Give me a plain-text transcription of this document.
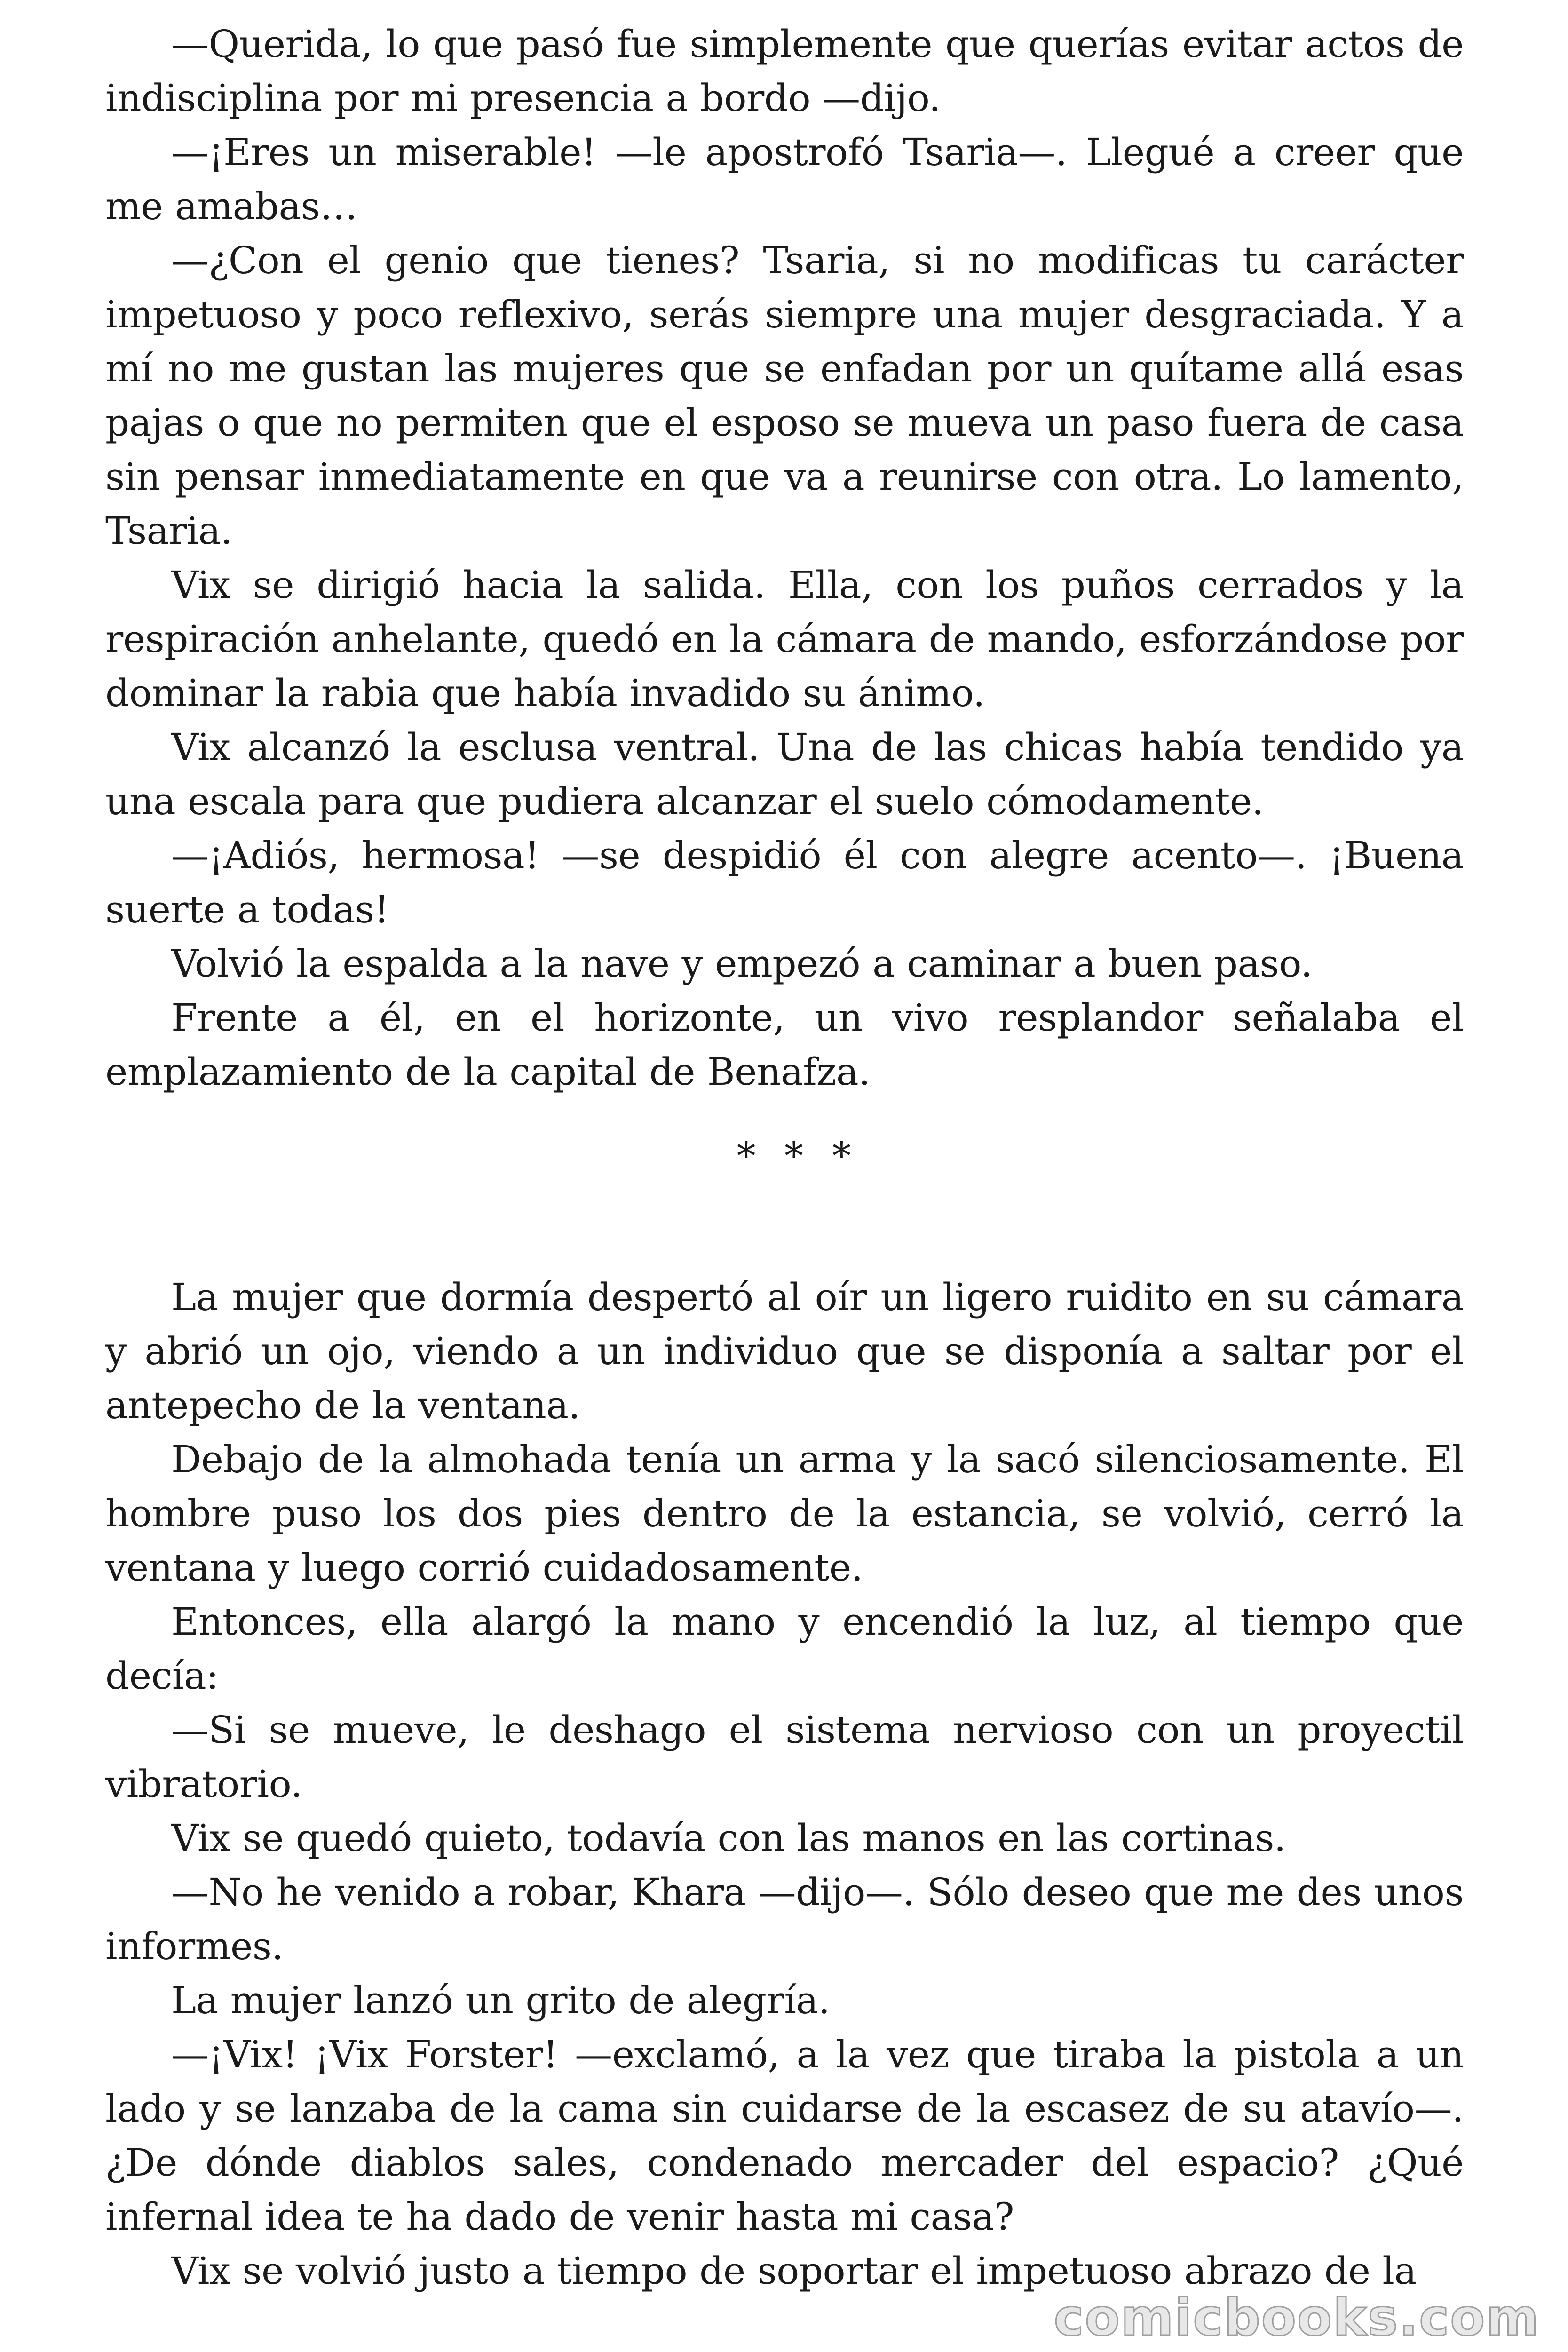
—Querida, lo que pasó fue simplemente que querías evitar actos de indisciplina por mi presencia a bordo —dijo.

—¡Eres un miserable! —le apostrofó Tsaria—. Llegué a creer que me amabas…

—¿Con el genio que tienes? Tsaria, si no modificas tu carácter impetuoso y poco reflexivo, serás siempre una mujer desgraciada. Y a mí no me gustan las mujeres que se enfadan por un quítame allá esas pajas o que no permiten que el esposo se mueva un paso fuera de casa sin pensar inmediatamente en que va a reunirse con otra. Lo lamento, Tsaria.

Vix se dirigió hacia la salida. Ella, con los puños cerrados y la respiración anhelante, quedó en la cámara de mando, esforzándose por dominar la rabia que había invadido su ánimo.

Vix alcanzó la esclusa ventral. Una de las chicas había tendido ya una escala para que pudiera alcanzar el suelo cómodamente.

—¡Adiós, hermosa! —se despidió él con alegre acento—. ¡Buena suerte a todas!

Volvió la espalda a la nave y empezó a caminar a buen paso.

Frente a él, en el horizonte, un vivo resplandor señalaba el emplazamiento de la capital de Benafza.

* * *

La mujer que dormía despertó al oír un ligero ruidito en su cámara y abrió un ojo, viendo a un individuo que se disponía a saltar por el antepecho de la ventana.

Debajo de la almohada tenía un arma y la sacó silenciosamente. El hombre puso los dos pies dentro de la estancia, se volvió, cerró la ventana y luego corrió cuidadosamente.

Entonces, ella alargó la mano y encendió la luz, al tiempo que decía:

—Si se mueve, le deshago el sistema nervioso con un proyectil vibratorio.

Vix se quedó quieto, todavía con las manos en las cortinas.

—No he venido a robar, Khara —dijo—. Sólo deseo que me des unos informes.

La mujer lanzó un grito de alegría.

—¡Vix! ¡Vix Forster! —exclamó, a la vez que tiraba la pistola a un lado y se lanzaba de la cama sin cuidarse de la escasez de su atavío—. ¿De dónde diablos sales, condenado mercader del espacio? ¿Qué infernal idea te ha dado de venir hasta mi casa?

Vix se volvió justo a tiempo de soportar el impetuoso abrazo de la

comicbooks.com
